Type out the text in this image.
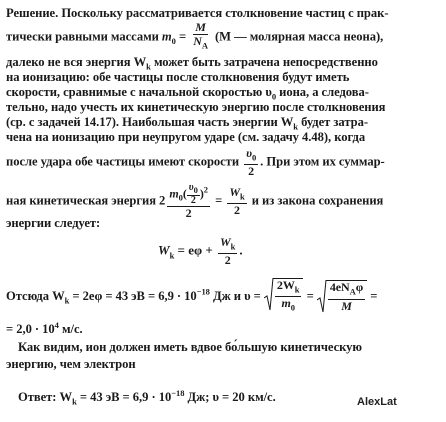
Решение. Поскольку рассматривается столкновение частиц с прак-
тически равными массами $m_0 = \frac{M}{N_A} (M$ — молярная масса неона),
далеко не вся энергия $W_k$ может быть затрачена непосредственно
на ионизацию: обе частицы после столкновения будут иметь
скорости, сравнимые с начальной скоростью $\upsilon_0$ иона, а следова-
тельно, надо учесть их кинетическую энергию после столкновения
(ср. с задачей 14.17). Наибольшая часть энергии $W_k$ будет затра-
чена на ионизацию при неупругом ударе (см. задачу 4.48), когда
после удара обе частицы имеют скорости $\frac{\upsilon_0}{2}$ . При этом их суммар-
ная кинетическая энергия $2 \frac{m_0( \frac{\upsilon_0}{2} )^2}{2} = \frac{W_k}{2}$ и из закона сохранения
энергии следует:
$W_k = e\varphi + \frac{W_k}{2}$ .
Отсюда $W_k = 2e\varphi = 43$ эВ = $6,9 \cdot 10^{-18}$ Дж и $\upsilon = \frac{2W_k}{m_0} = \frac{4eN_A\varphi}{M}$ =
= $2,0 \cdot 10^4$ м/с.
Как видим, ион должен иметь вдвое бо́льшую кинетическую
энергию, чем электрон
Ответ: $W_k = 43$ эВ = $6,9 \cdot 10^{-18}$ Дж; υ = 20 км/с.	AlexLat
